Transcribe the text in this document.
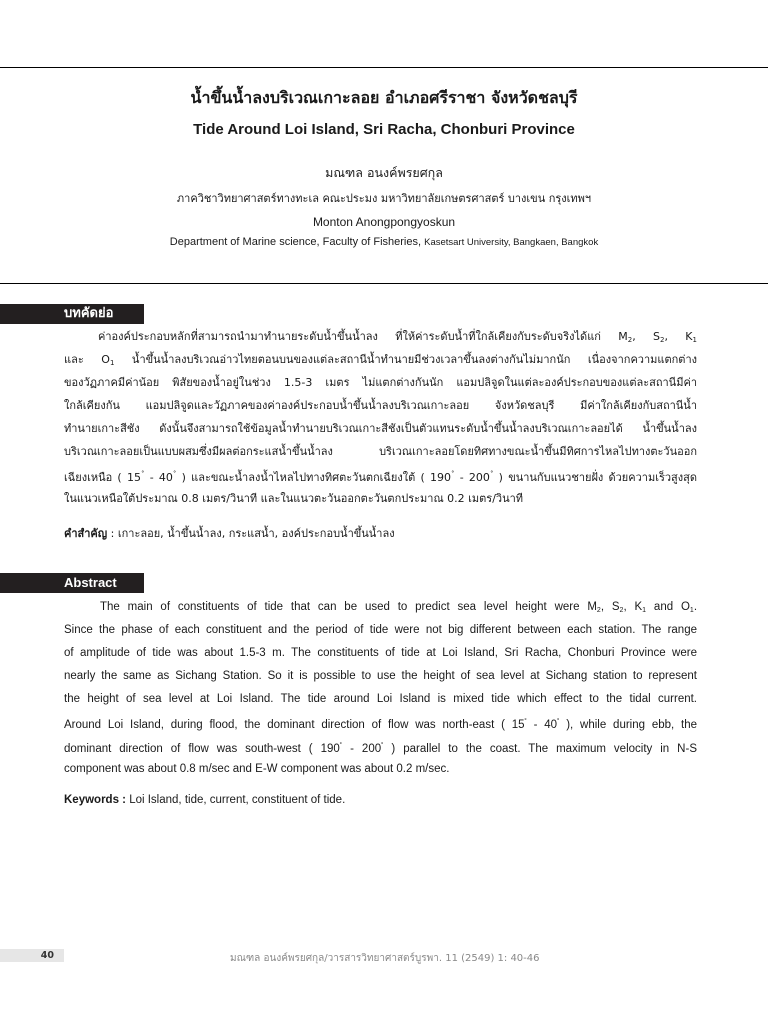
น้ำขึ้นน้ำลงบริเวณเกาะลอย อำเภอศรีราชา จังหวัดชลบุรี
Tide Around Loi Island, Sri Racha, Chonburi Province
มณฑล อนงค์พรยศกุล
ภาควิชาวิทยาศาสตร์ทางทะเล คณะประมง มหาวิทยาลัยเกษตรศาสตร์ บางเขน กรุงเทพฯ
Monton Anongpongyoskun
Department of Marine science, Faculty of Fisheries, Kasetsart University, Bangkaen, Bangkok
บทคัดย่อ
ค่าองค์ประกอบหลักที่สามารถนำมาทำนายระดับน้ำขึ้นน้ำลง ที่ให้ค่าระดับน้ำที่ใกล้เคียงกับระดับจริงได้แก่ $M_2$, $S_2$, $K_1$
และ $O_1$ น้ำขึ้นน้ำลงบริเวณอ่าวไทยตอนบนของแต่ละสถานีน้ำทำนายมีช่วงเวลาขึ้นลงต่างกันไม่มากนัก เนื่องจากความแตกต่าง
ของวัฏภาคมีค่าน้อย พิสัยของน้ำอยู่ในช่วง 1.5-3 เมตร ไม่แตกต่างกันนัก แอมปลิจูดในแต่ละองค์ประกอบของแต่ละสถานีมีค่า
ใกล้เคียงกัน แอมปลิจูดและวัฏภาคของค่าองค์ประกอบน้ำขึ้นน้ำลงบริเวณเกาะลอย จังหวัดชลบุรี มีค่าใกล้เคียงกับสถานีน้ำ
ทำนายเกาะสีชัง ดังนั้นจึงสามารถใช้ข้อมูลน้ำทำนายบริเวณเกาะสีชังเป็นตัวแทนระดับน้ำขึ้นน้ำลงบริเวณเกาะลอยได้ น้ำขึ้นน้ำลง
บริเวณเกาะลอยเป็นแบบผสมซึ่งมีผลต่อกระแสน้ำขึ้นน้ำลง บริเวณเกาะลอยโดยทิศทางขณะน้ำขึ้นมีทิศการไหลไปทางตะวันออก
เฉียงเหนือ ( 15˚ - 40˚ ) และขณะน้ำลงน้ำไหลไปทางทิศตะวันตกเฉียงใต้ ( 190˚ - 200˚ ) ขนานกับแนวชายฝั่ง ด้วยความเร็วสูงสุด
ในแนวเหนือใต้ประมาณ 0.8 เมตร/วินาที และในแนวตะวันออกตะวันตกประมาณ 0.2 เมตร/วินาที
คำสำคัญ : เกาะลอย, น้ำขึ้นน้ำลง, กระแสน้ำ, องค์ประกอบน้ำขึ้นน้ำลง
Abstract
The main of constituents of tide that can be used to predict sea level height were $M_2$, $S_2$, $K_1$ and $O_1$.
Since the phase of each constituent and the period of tide were not big different between each station. The range
of amplitude of tide was about 1.5-3 m. The constituents of tide at Loi Island, Sri Racha, Chonburi Province were
nearly the same as Sichang Station. So it is possible to use the height of sea level at Sichang station to represent
the height of sea level at Loi Island. The tide around Loi Island is mixed tide which effect to the tidal current.
Around Loi Island, during flood, the dominant direction of flow was north-east ( 15˚ - 40˚ ), while during ebb, the
dominant direction of flow was south-west ( 190˚ - 200˚ ) parallel to the coast. The maximum velocity in N-S
component was about 0.8 m/sec and E-W component was about 0.2 m/sec.
Keywords : Loi Island, tide, current, constituent of tide.
40	มณฑล อนงค์พรยศกุล/วารสารวิทยาศาสตร์บูรพา. 11 (2549) 1: 40-46
